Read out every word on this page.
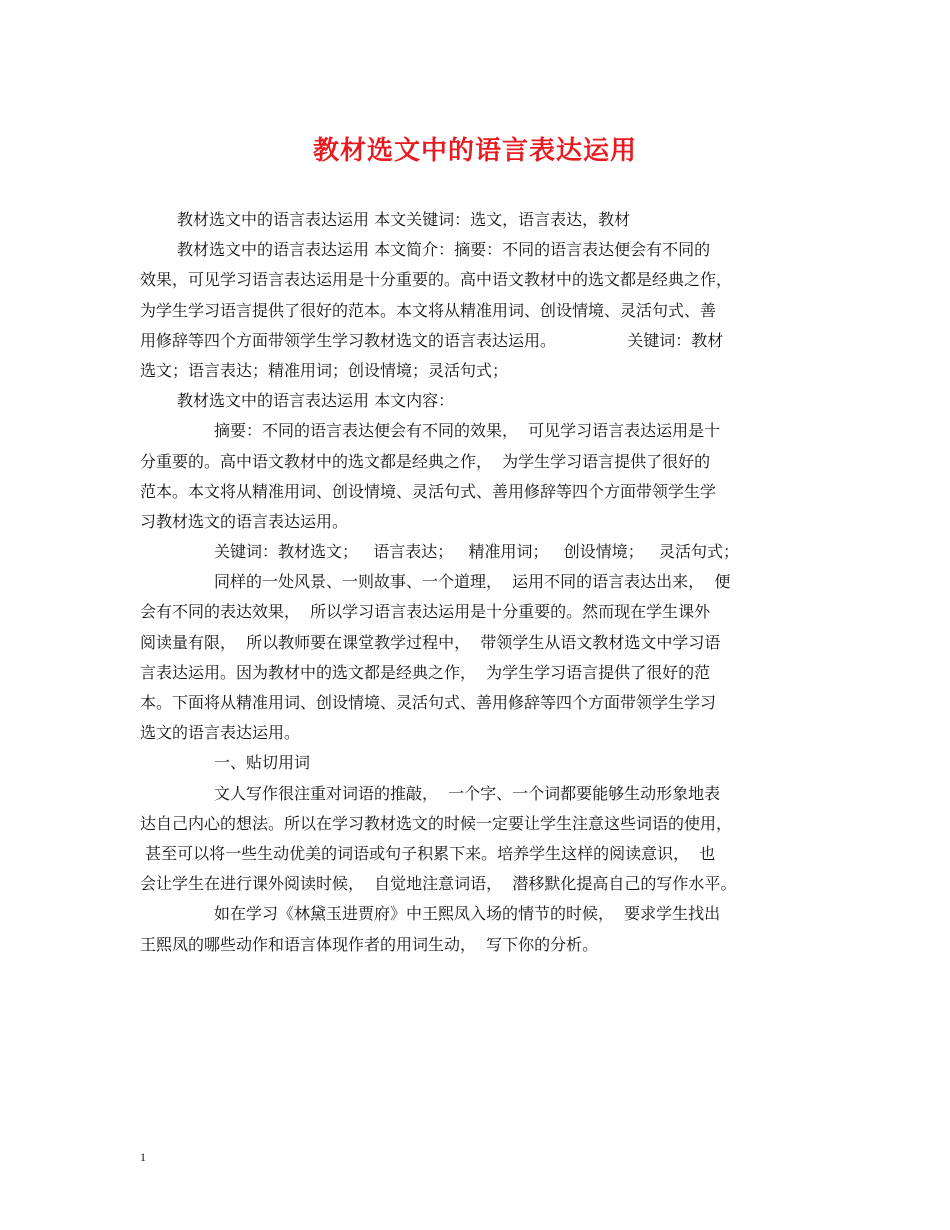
教材选文中的语言表达运用
教材选文中的语言表达运用 本文关键词：选文，语言表达，教材
教材选文中的语言表达运用 本文简介：摘要：不同的语言表达便会有不同的
效果，可见学习语言表达运用是十分重要的。高中语文教材中的选文都是经典之作，
为学生学习语言提供了很好的范本。本文将从精准用词、创设情境、灵活句式、善
用修辞等四个方面带领学生学习教材选文的语言表达运用。              关键词：教材
选文；语言表达；精准用词；创设情境；灵活句式；
教材选文中的语言表达运用 本文内容：
摘要：不同的语言表达便会有不同的效果，  可见学习语言表达运用是十
分重要的。高中语文教材中的选文都是经典之作，  为学生学习语言提供了很好的
范本。本文将从精准用词、创设情境、灵活句式、善用修辞等四个方面带领学生学
习教材选文的语言表达运用。
关键词：教材选文；   语言表达；   精准用词；   创设情境；   灵活句式；
同样的一处风景、一则故事、一个道理，  运用不同的语言表达出来，  便
会有不同的表达效果，  所以学习语言表达运用是十分重要的。然而现在学生课外
阅读量有限，  所以教师要在课堂教学过程中，  带领学生从语文教材选文中学习语
言表达运用。因为教材中的选文都是经典之作，  为学生学习语言提供了很好的范
本。下面将从精准用词、创设情境、灵活句式、善用修辞等四个方面带领学生学习
选文的语言表达运用。
一、贴切用词
文人写作很注重对词语的推敲，  一个字、一个词都要能够生动形象地表
达自己内心的想法。所以在学习教材选文的时候一定要让学生注意这些词语的使用，
甚至可以将一些生动优美的词语或句子积累下来。培养学生这样的阅读意识，  也
会让学生在进行课外阅读时候，  自觉地注意词语，  潜移默化提高自己的写作水平。
如在学习《林黛玉进贾府》中王熙凤入场的情节的时候，  要求学生找出
王熙凤的哪些动作和语言体现作者的用词生动，  写下你的分析。
1
